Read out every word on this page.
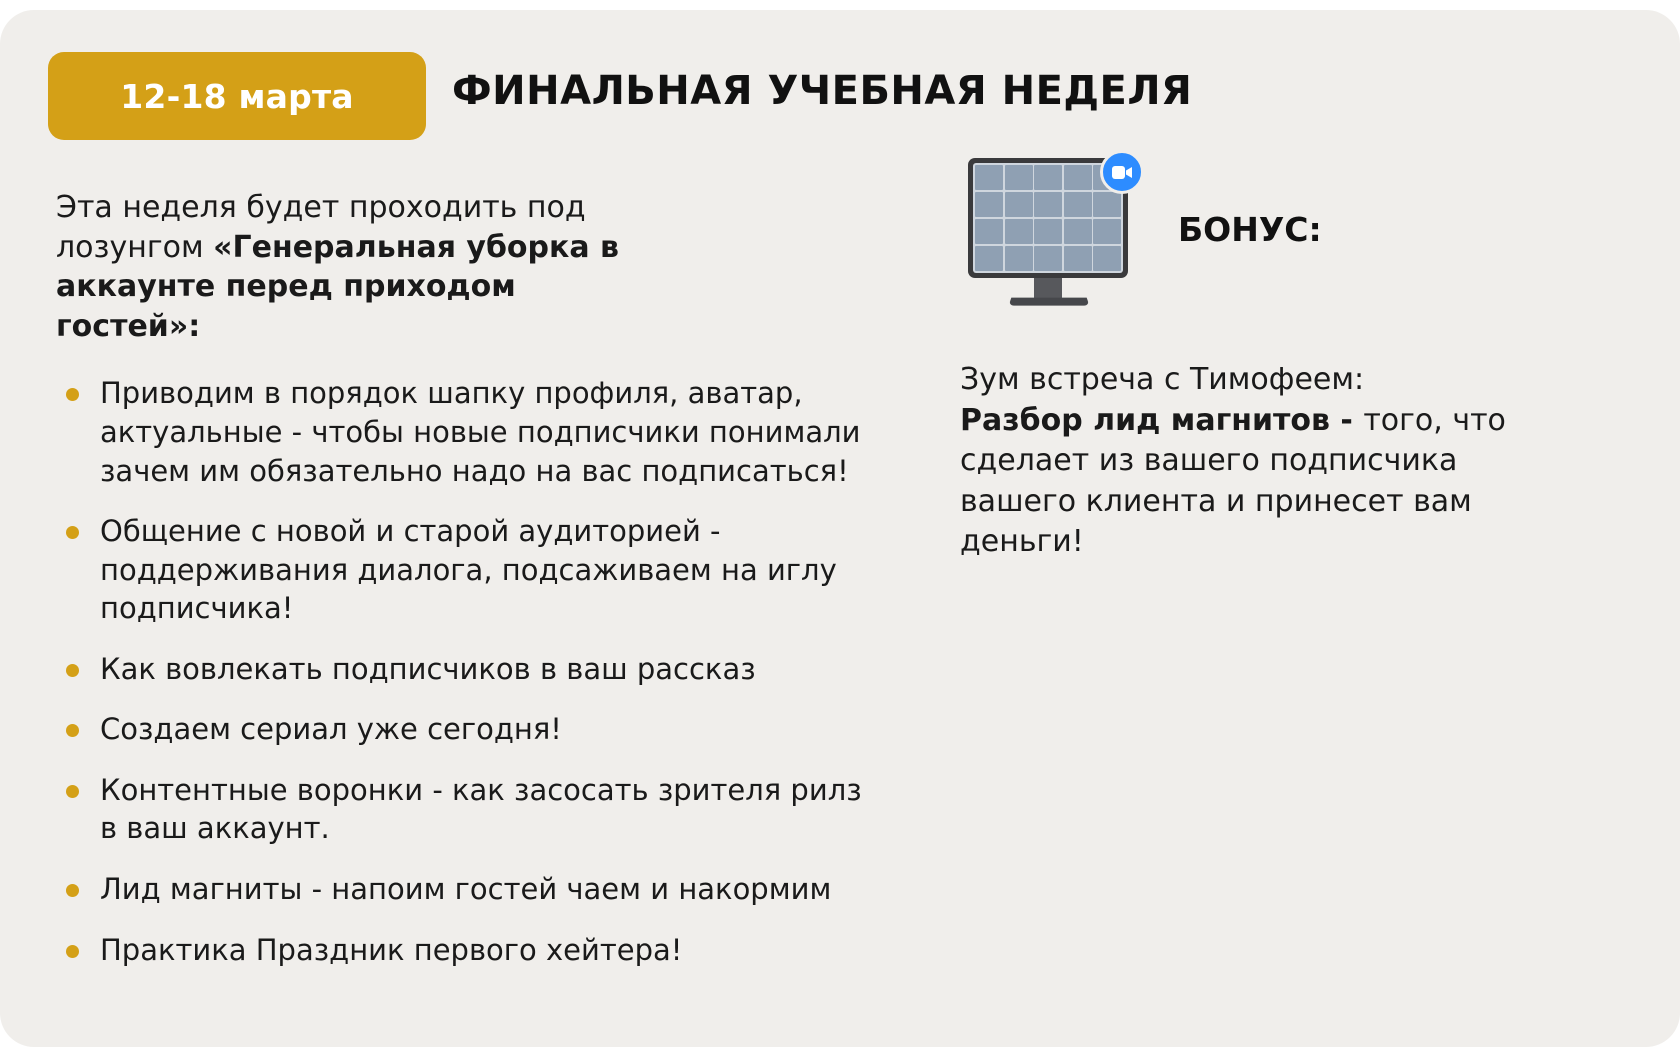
12-18 марта ФИНАЛЬНАЯ УЧЕБНАЯ НЕДЕЛЯ

Эта неделя будет проходить под лозунгом «Генеральная уборка в аккаунте перед приходом гостей»:

Приводим в порядок шапку профиля, аватар, актуальные - чтобы новые подписчики понимали зачем им обязательно надо на вас подписаться!
Общение с новой и старой аудиторией - поддерживания диалога, подсаживаем на иглу подписчика!
Как вовлекать подписчиков в ваш рассказ
Создаем сериал уже сегодня!
Контентные воронки - как засосать зрителя рилз в ваш аккаунт.
Лид магниты - напоим гостей чаем и накормим
Практика Праздник первого хейтера!
БОНУС:

Зум встреча с Тимофеем:
Разбор лид магнитов - того, что сделает из вашего подписчика вашего клиента и принесет вам деньги!
